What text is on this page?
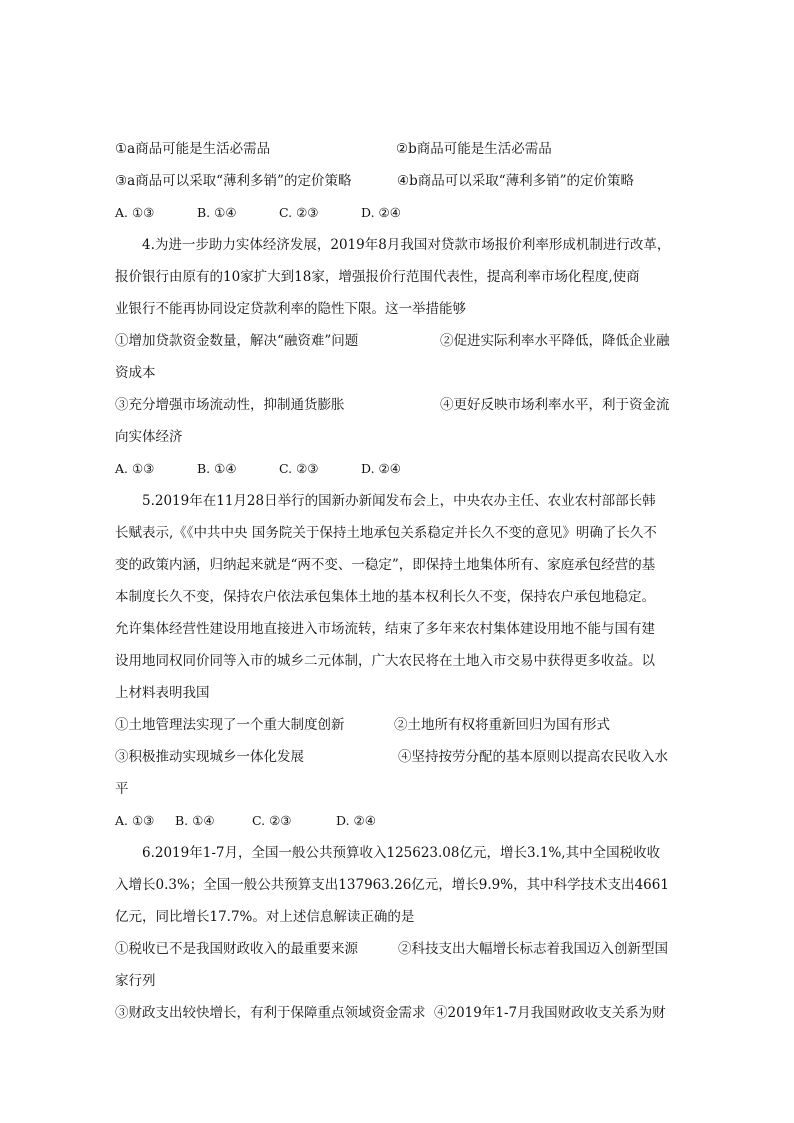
①a商品可能是生活必需品	②b商品可能是生活必需品
③a商品可以采取“薄利多销”的定价策略	④b商品可以采取“薄利多销”的定价策略
A. ①③	B. ①④	C. ②③	D. ②④
4.为进一步助力实体经济发展，2019年8月我国对贷款市场报价利率形成机制进行改革，
报价银行由原有的10家扩大到18家，增强报价行范围代表性，提高利率市场化程度,使商
业银行不能再协同设定贷款利率的隐性下限。这一举措能够
①增加贷款资金数量，解决“融资难”问题	②促进实际利率水平降低，降低企业融
资成本
③充分增强市场流动性，抑制通货膨胀	④更好反映市场利率水平，利于资金流
向实体经济
A. ①③	B. ①④	C. ②③	D. ②④
5.2019年在11月28日举行的国新办新闻发布会上，中央农办主任、农业农村部部长韩
长赋表示,《《中共中央 国务院关于保持土地承包关系稳定并长久不变的意见》明确了长久不
变的政策内涵，归纳起来就是“两不变、一稳定”，即保持土地集体所有、家庭承包经营的基
本制度长久不变，保持农户依法承包集体土地的基本权利长久不变，保持农户承包地稳定。
允许集体经营性建设用地直接进入市场流转，结束了多年来农村集体建设用地不能与国有建
设用地同权同价同等入市的城乡二元体制，广大农民将在土地入市交易中获得更多收益。以
上材料表明我国
①土地管理法实现了一个重大制度创新	②土地所有权将重新回归为国有形式
③积极推动实现城乡一体化发展	④坚持按劳分配的基本原则以提高农民收入水
平
A. ①③ B. ①④	C. ②③	D. ②④
6.2019年1-7月，全国一般公共预算收入125623.08亿元，增长3.1%,其中全国税收收
入增长0.3%；全国一般公共预算支出137963.26亿元，增长9.9%，其中科学技术支出4661
亿元，同比增长17.7%。对上述信息解读正确的是
①税收已不是我国财政收入的最重要来源	②科技支出大幅增长标志着我国迈入创新型国
家行列
③财政支出较快增长，有利于保障重点领域资金需求 ④2019年1-7月我国财政收支关系为财
